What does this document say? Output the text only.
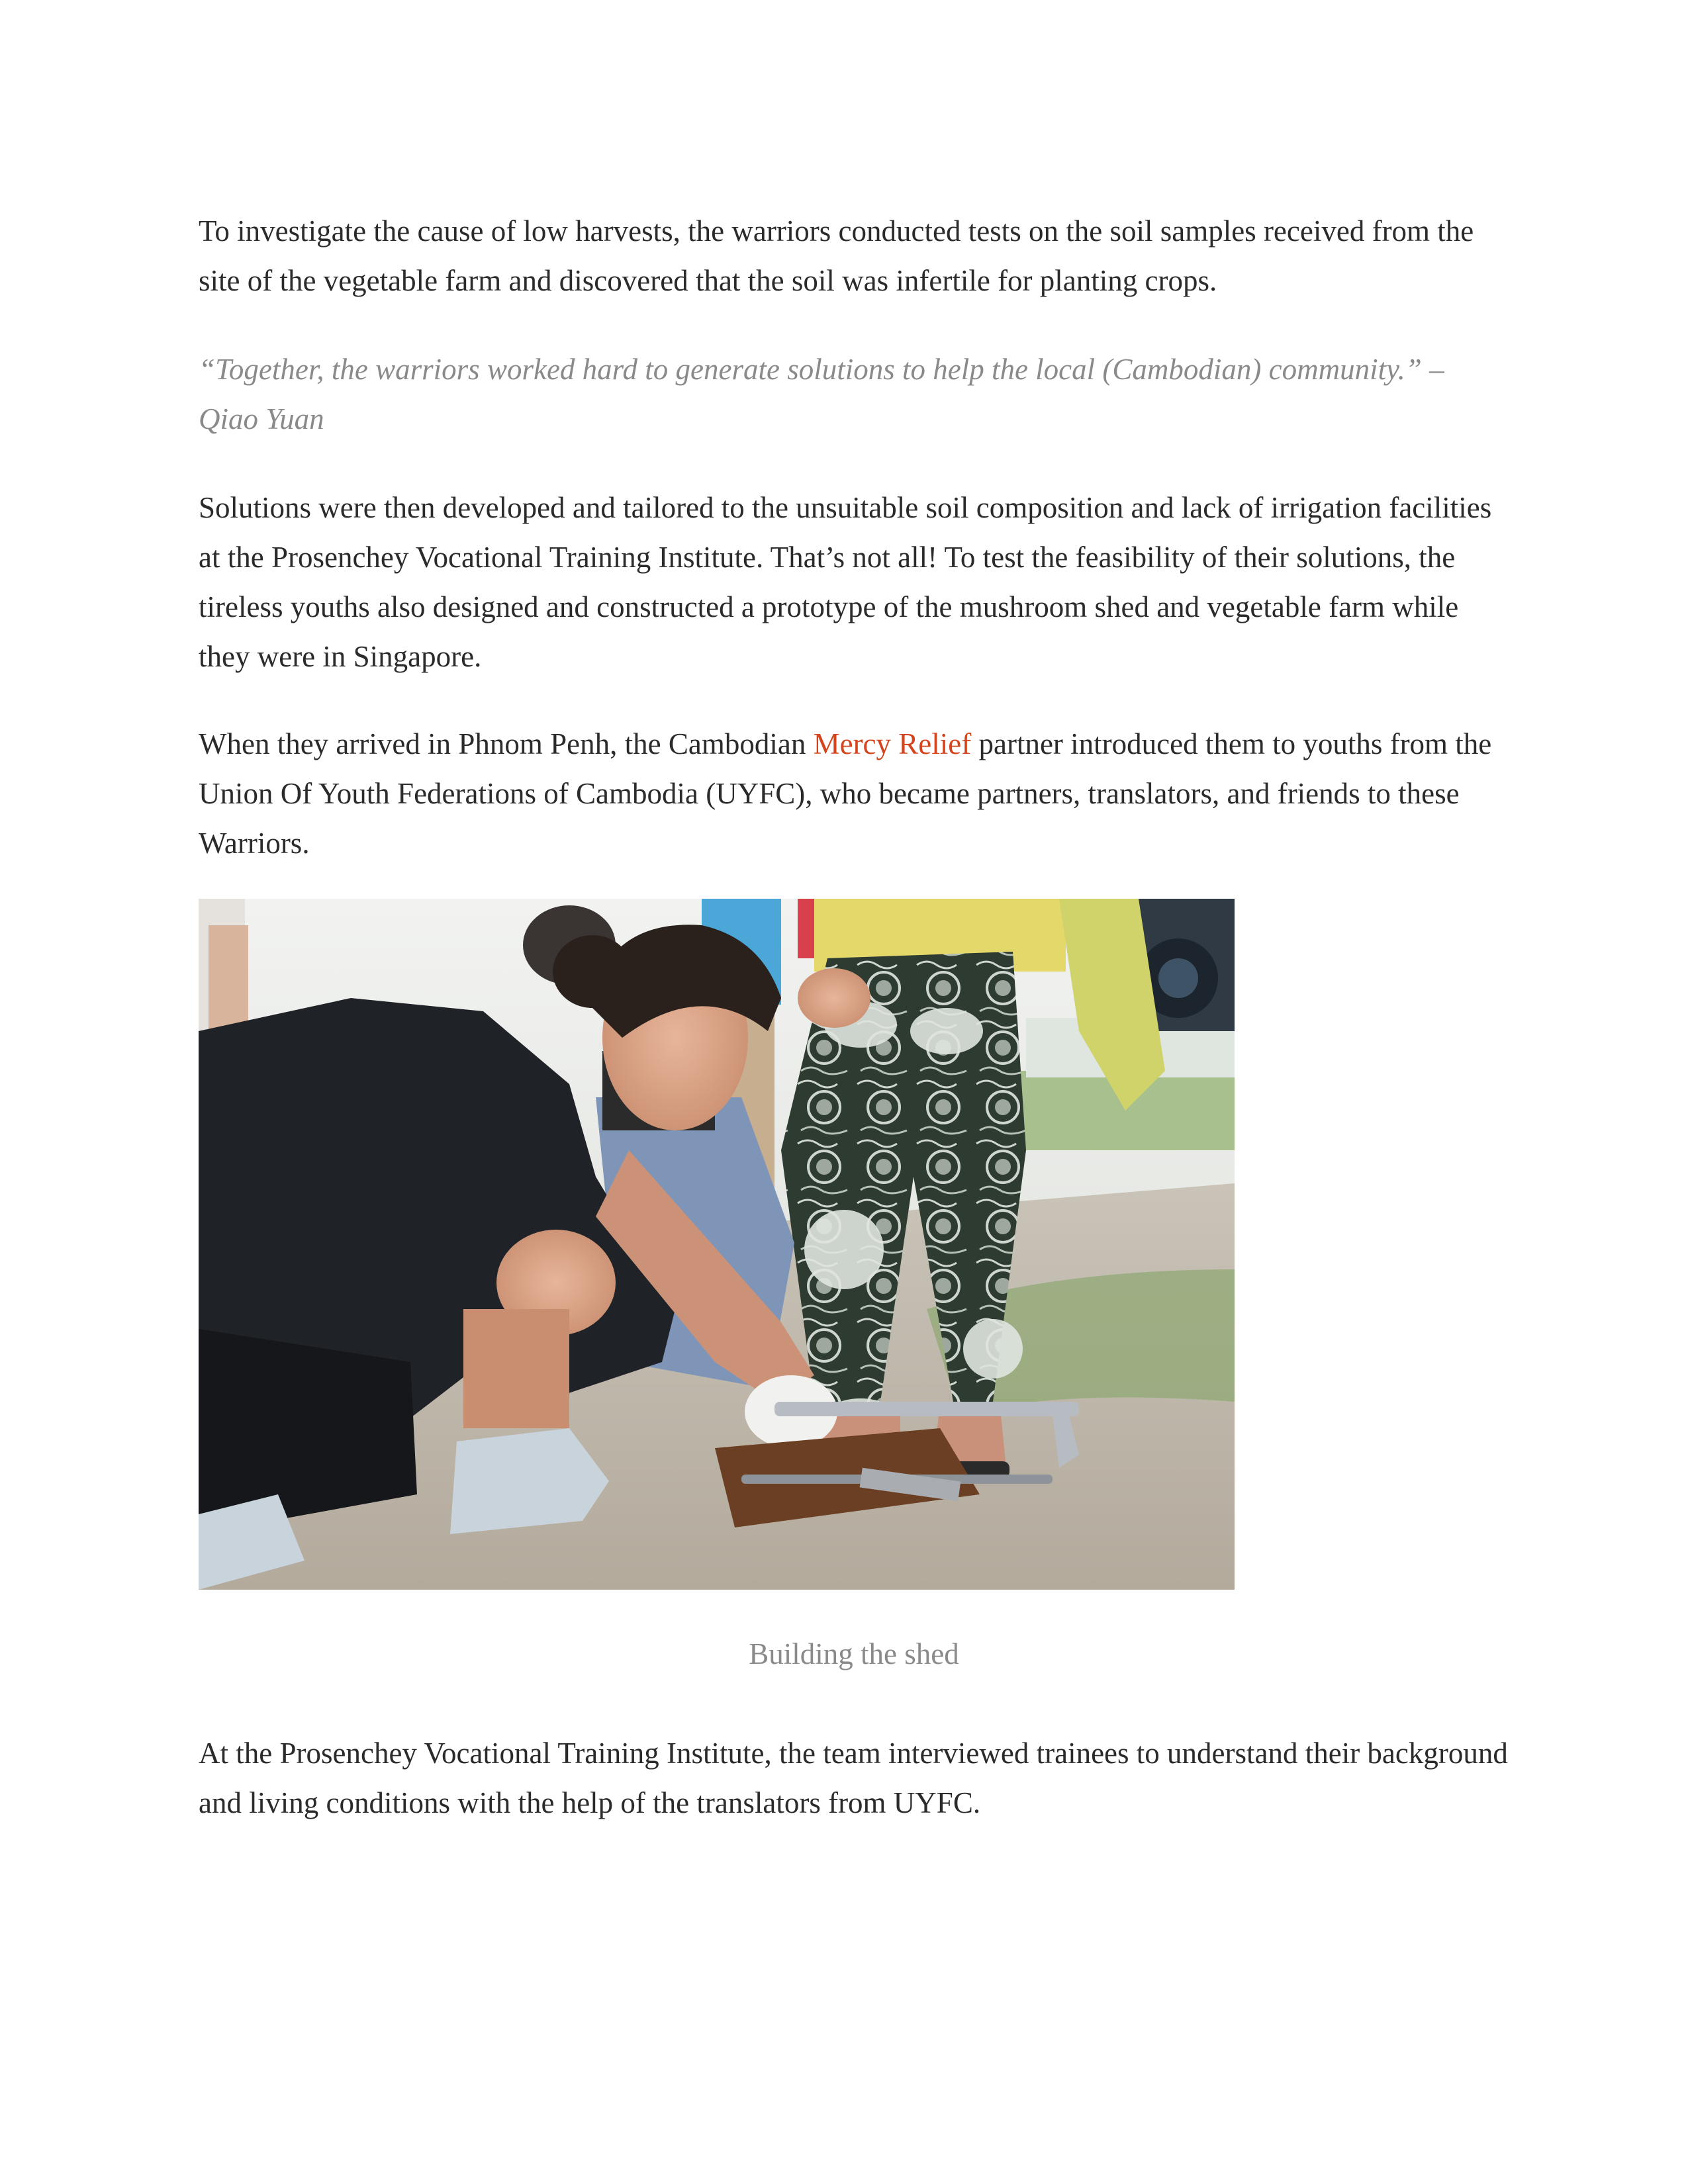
To investigate the cause of low harvests, the warriors conducted tests on the soil samples received from the site of the vegetable farm and discovered that the soil was infertile for planting crops.

“Together, the warriors worked hard to generate solutions to help the local (Cambodian) community.” – Qiao Yuan

Solutions were then developed and tailored to the unsuitable soil composition and lack of irrigation facilities at the Prosenchey Vocational Training Institute. That’s not all! To test the feasibility of their solutions, the tireless youths also designed and constructed a prototype of the mushroom shed and vegetable farm while they were in Singapore.

When they arrived in Phnom Penh, the Cambodian Mercy Relief partner introduced them to youths from the Union Of Youth Federations of Cambodia (UYFC), who became partners, translators, and friends to these Warriors.

Building the shed

At the Prosenchey Vocational Training Institute, the team interviewed trainees to understand their background and living conditions with the help of the translators from UYFC.
